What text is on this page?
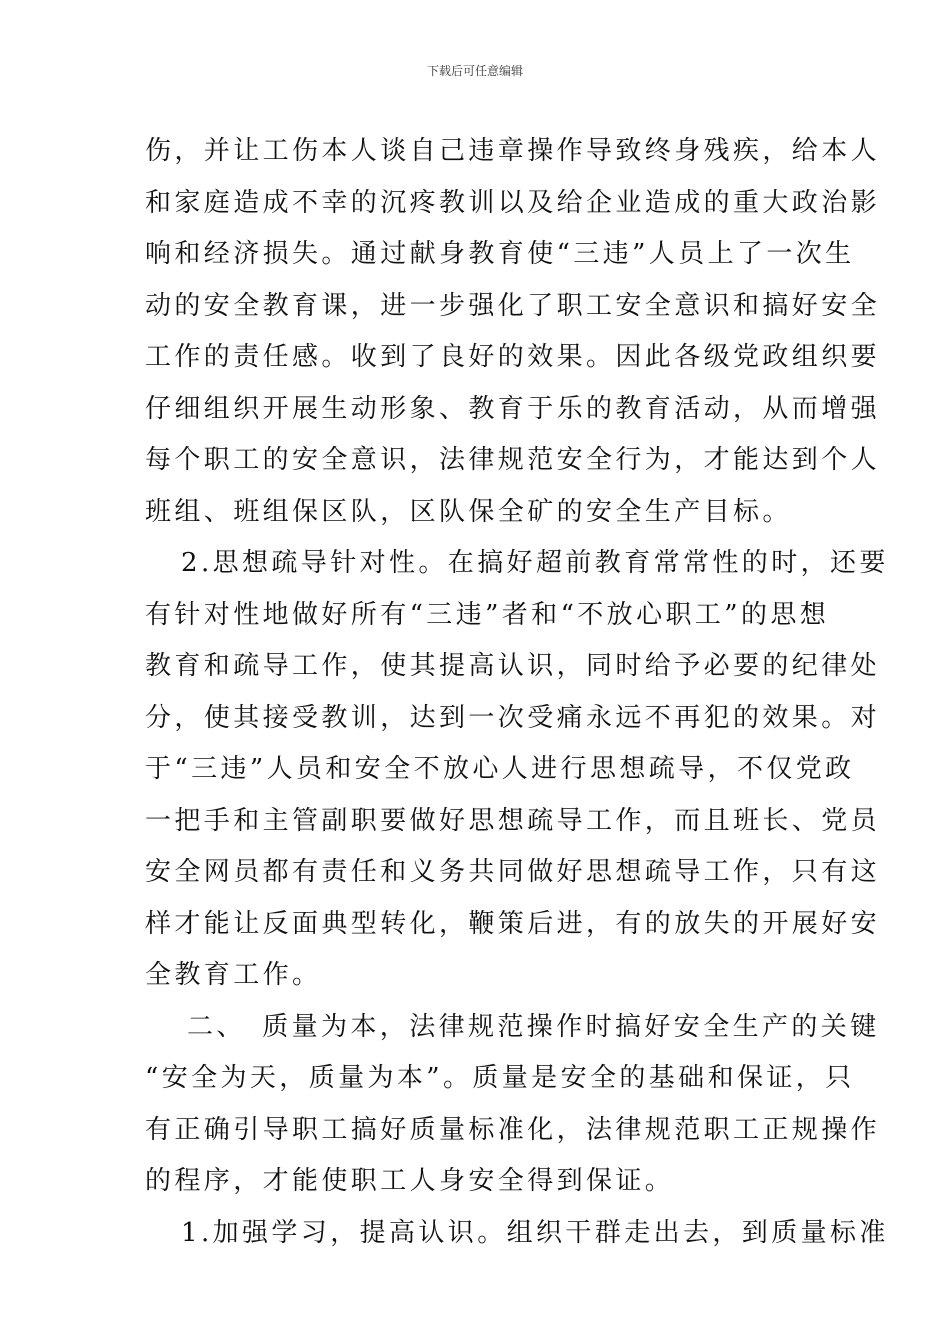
下载后可任意编辑
伤，并让工伤本人谈自己违章操作导致终身残疾，给本人
和家庭造成不幸的沉疼教训以及给企业造成的重大政治影
响和经济损失。通过献身教育使“三违”人员上了一次生
动的安全教育课，进一步强化了职工安全意识和搞好安全
工作的责任感。收到了良好的效果。因此各级党政组织要
仔细组织开展生动形象、教育于乐的教育活动，从而增强
每个职工的安全意识，法律规范安全行为，才能达到个人
班组、班组保区队，区队保全矿的安全生产目标。
2.思想疏导针对性。在搞好超前教育常常性的时，还要
有针对性地做好所有“三违”者和“不放心职工”的思想
教育和疏导工作，使其提高认识，同时给予必要的纪律处
分，使其接受教训，达到一次受痛永远不再犯的效果。对
于“三违”人员和安全不放心人进行思想疏导，不仅党政
一把手和主管副职要做好思想疏导工作，而且班长、党员
安全网员都有责任和义务共同做好思想疏导工作，只有这
样才能让反面典型转化，鞭策后进，有的放失的开展好安
全教育工作。
二、　质量为本，法律规范操作时搞好安全生产的关键
“安全为天，质量为本”。质量是安全的基础和保证，只
有正确引导职工搞好质量标准化，法律规范职工正规操作
的程序，才能使职工人身安全得到保证。
1.加强学习，提高认识。组织干群走出去，到质量标准
